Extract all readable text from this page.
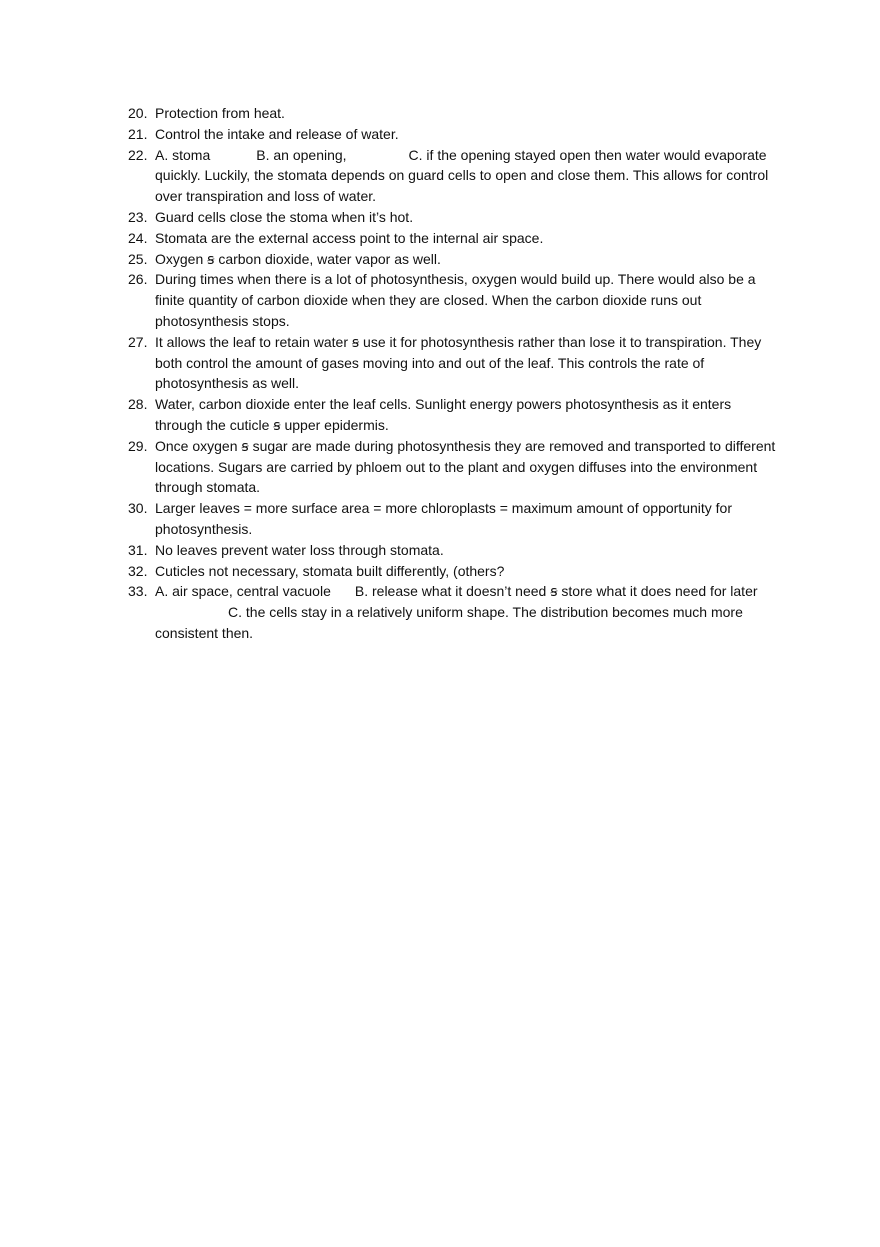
20. Protection from heat.
21. Control the intake and release of water.
22. A. stoma	B. an opening,	C. if the opening stayed open then water would evaporate quickly. Luckily, the stomata depends on guard cells to open and close them. This allows for control over transpiration and loss of water.
23. Guard cells close the stoma when it’s hot.
24. Stomata are the external access point to the internal air space.
25. Oxygen ꞩ carbon dioxide, water vapor as well.
26. During times when there is a lot of photosynthesis, oxygen would build up. There would also be a finite quantity of carbon dioxide when they are closed. When the carbon dioxide runs out photosynthesis stops.
27. It allows the leaf to retain water ꞩ use it for photosynthesis rather than lose it to transpiration. They both control the amount of gases moving into and out of the leaf. This controls the rate of photosynthesis as well.
28. Water, carbon dioxide enter the leaf cells. Sunlight energy powers photosynthesis as it enters through the cuticle ꞩ upper epidermis.
29. Once oxygen ꞩ sugar are made during photosynthesis they are removed and transported to different locations. Sugars are carried by phloem out to the plant and oxygen diffuses into the environment through stomata.
30. Larger leaves = more surface area = more chloroplasts = maximum amount of opportunity for photosynthesis.
31. No leaves prevent water loss through stomata.
32. Cuticles not necessary, stomata built differently, (others?
33. A. air space, central vacuole B. release what it doesn’t need ꞩ store what it does need for laterC. the cells stay in a relatively uniform shape. The distribution becomes much more consistent then.
